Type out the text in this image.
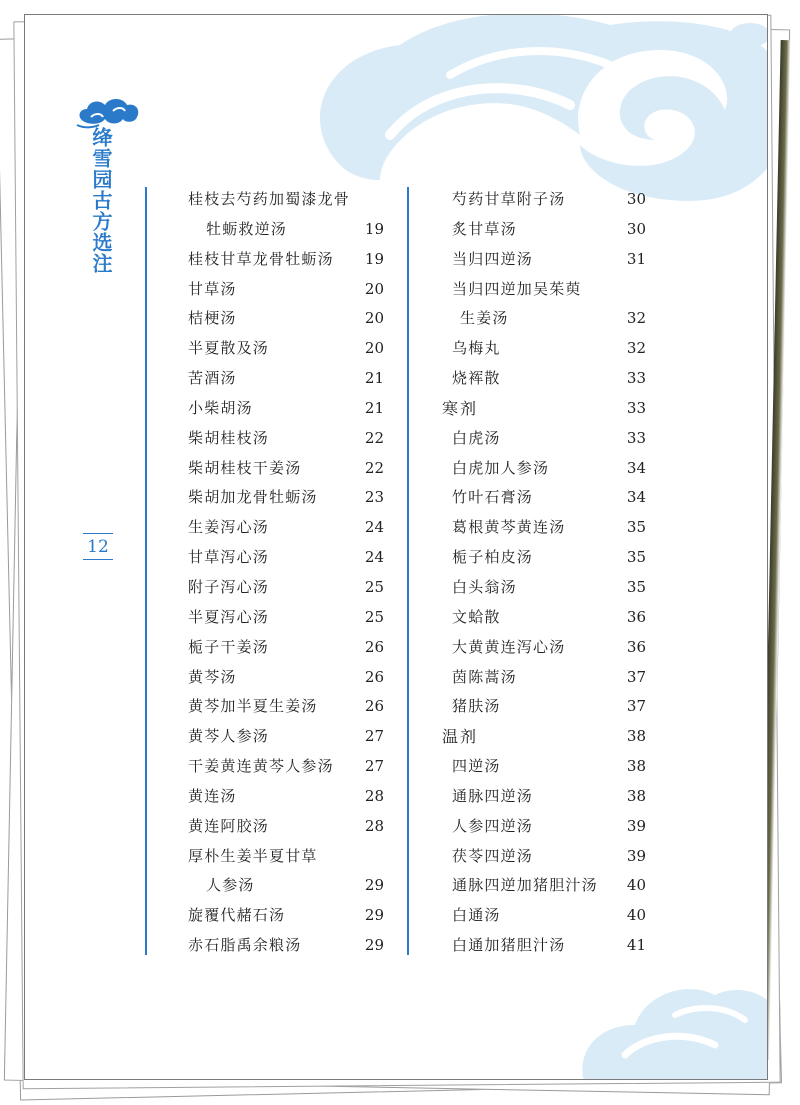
绛雪园古方选注
12
桂枝去芍药加蜀漆龙骨
牡蛎救逆汤	19
桂枝甘草龙骨牡蛎汤 19
甘草汤	20
桔梗汤	20
半夏散及汤	20
苦酒汤	21
小柴胡汤	21
柴胡桂枝汤	22
柴胡桂枝干姜汤	22
柴胡加龙骨牡蛎汤	23
生姜泻心汤	24
甘草泻心汤	24
附子泻心汤	25
半夏泻心汤	25
栀子干姜汤	26
黄芩汤	26
黄芩加半夏生姜汤	26
黄芩人参汤	27
干姜黄连黄芩人参汤 27
黄连汤	28
黄连阿胶汤	28
厚朴生姜半夏甘草
人参汤	29
旋覆代赭石汤	29
赤石脂禹余粮汤	29
芍药甘草附子汤	30
炙甘草汤	30
当归四逆汤	31
当归四逆加吴茱萸
生姜汤	32
乌梅丸	32
烧裈散	33
寒剂	33
白虎汤	33
白虎加人参汤	34
竹叶石膏汤	34
葛根黄芩黄连汤	35
栀子柏皮汤	35
白头翁汤	35
文蛤散	36
大黄黄连泻心汤	36
茵陈蒿汤	37
猪肤汤	37
温剂	38
四逆汤	38
通脉四逆汤	38
人参四逆汤	39
茯苓四逆汤	39
通脉四逆加猪胆汁汤 40
白通汤	40
白通加猪胆汁汤	41
